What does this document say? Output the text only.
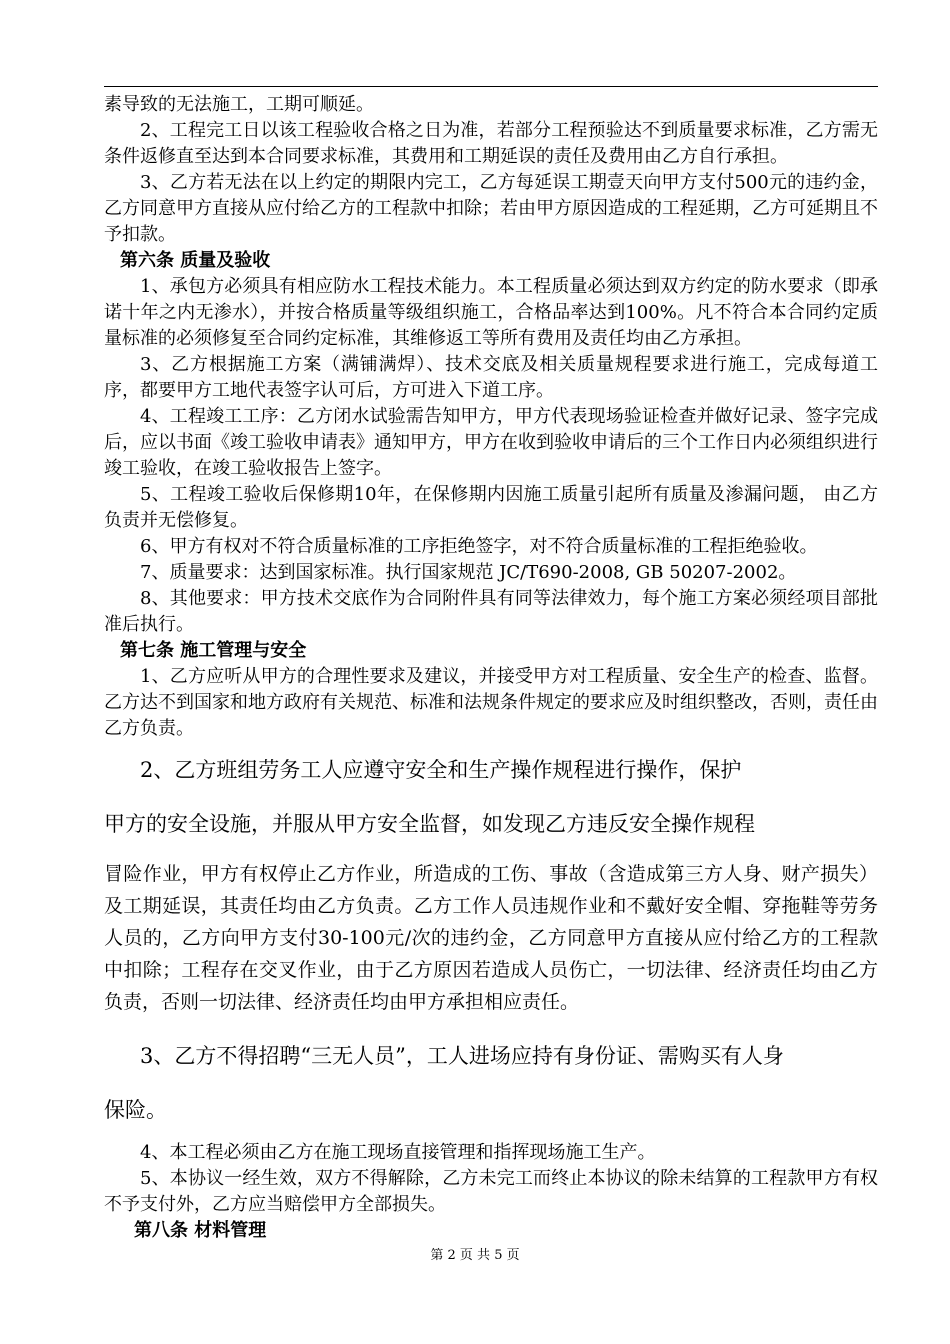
素导致的无法施工，工期可顺延。

2、工程完工日以该工程验收合格之日为准，若部分工程预验达不到质量要求标准，乙方需无条件返修直至达到本合同要求标准，其费用和工期延误的责任及费用由乙方自行承担。

3、乙方若无法在以上约定的期限内完工，乙方每延误工期壹天向甲方支付500元的违约金，乙方同意甲方直接从应付给乙方的工程款中扣除；若由甲方原因造成的工程延期，乙方可延期且不予扣款。

第六条 质量及验收

1、承包方必须具有相应防水工程技术能力。本工程质量必须达到双方约定的防水要求（即承诺十年之内无渗水），并按合格质量等级组织施工，合格品率达到100%。凡不符合本合同约定质量标准的必须修复至合同约定标准，其维修返工等所有费用及责任均由乙方承担。

3、乙方根据施工方案（满铺满焊）、技术交底及相关质量规程要求进行施工，完成每道工序，都要甲方工地代表签字认可后，方可进入下道工序。

4、工程竣工工序：乙方闭水试验需告知甲方，甲方代表现场验证检查并做好记录、签字完成后，应以书面《竣工验收申请表》通知甲方，甲方在收到验收申请后的三个工作日内必须组织进行竣工验收，在竣工验收报告上签字。

5、工程竣工验收后保修期10年，在保修期内因施工质量引起所有质量及渗漏问题， 由乙方负责并无偿修复。

6、甲方有权对不符合质量标准的工序拒绝签字，对不符合质量标准的工程拒绝验收。

7、质量要求：达到国家标准。执行国家规范 JC/T690-2008, GB 50207-2002。

8、其他要求：甲方技术交底作为合同附件具有同等法律效力，每个施工方案必须经项目部批准后执行。

第七条 施工管理与安全

1、乙方应听从甲方的合理性要求及建议，并接受甲方对工程质量、安全生产的检查、监督。乙方达不到国家和地方政府有关规范、标准和法规条件规定的要求应及时组织整改，否则，责任由乙方负责。

2、乙方班组劳务工人应遵守安全和生产操作规程进行操作，保护

甲方的安全设施，并服从甲方安全监督，如发现乙方违反安全操作规程

冒险作业，甲方有权停止乙方作业，所造成的工伤、事故（含造成第三方人身、财产损失）及工期延误，其责任均由乙方负责。乙方工作人员违规作业和不戴好安全帽、穿拖鞋等劳务人员的，乙方向甲方支付30-100元/次的违约金，乙方同意甲方直接从应付给乙方的工程款中扣除；工程存在交叉作业，由于乙方原因若造成人员伤亡，一切法律、经济责任均由乙方负责，否则一切法律、经济责任均由甲方承担相应责任。

3、乙方不得招聘“三无人员”，工人进场应持有身份证、需购买有人身

保险。

4、本工程必须由乙方在施工现场直接管理和指挥现场施工生产。

5、本协议一经生效，双方不得解除，乙方未完工而终止本协议的除未结算的工程款甲方有权不予支付外，乙方应当赔偿甲方全部损失。

第八条 材料管理

第 2 页 共 5 页
